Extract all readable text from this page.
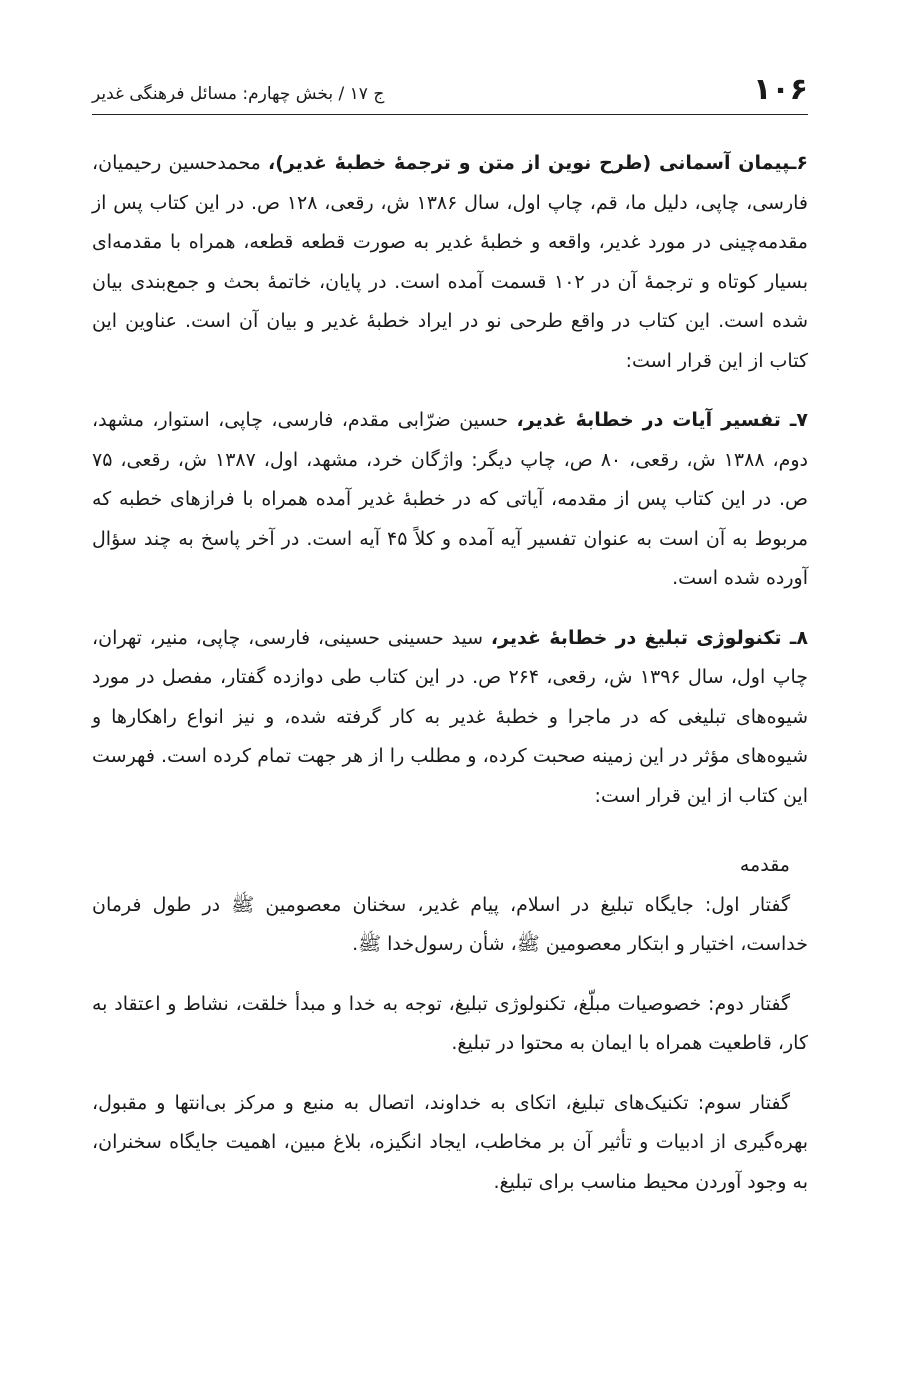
۱۰۶
ج ۱۷ / بخش چهارم: مسائل فرهنگی غدیر

۶ـپیمان آسمانی (طرح نوین از متن و ترجمهٔ خطبهٔ غدیر)، محمدحسین رحیمیان، فارسی، چاپی، دلیل ما، قم، چاپ اول، سال ۱۳۸۶ ش، رقعی، ۱۲۸ ص. در این کتاب پس از مقدمه‌چینی در مورد غدیر، واقعه و خطبهٔ غدیر به صورت قطعه قطعه، همراه با مقدمه‌ای بسیار کوتاه و ترجمهٔ آن در ۱۰۲ قسمت آمده است. در پایان، خاتمهٔ بحث و جمع‌بندی بیان شده است. این کتاب در واقع طرحی نو در ایراد خطبهٔ غدیر و بیان آن است. عناوین این کتاب از این قرار است:

۷ـ تفسیر آیات در خطابهٔ غدیر، حسین ضرّابی مقدم، فارسی، چاپی، استوار، مشهد، دوم، ۱۳۸۸ ش، رقعی، ۸۰ ص، چاپ دیگر: واژگان خرد، مشهد، اول، ۱۳۸۷ ش، رقعی، ۷۵ ص. در این کتاب پس از مقدمه، آیاتی که در خطبهٔ غدیر آمده همراه با فرازهای خطبه که مربوط به آن است به عنوان تفسیر آیه آمده و کلاً ۴۵ آیه است. در آخر پاسخ به چند سؤال آورده شده است.

۸ـ تکنولوژی تبلیغ در خطابهٔ غدیر، سید حسینی حسینی، فارسی، چاپی، منیر، تهران، چاپ اول، سال ۱۳۹۶ ش، رقعی، ۲۶۴ ص. در این کتاب طی دوازده گفتار، مفصل در مورد شیوه‌های تبلیغی که در ماجرا و خطبهٔ غدیر به کار گرفته شده، و نیز انواع راهکارها و شیوه‌های مؤثر در این زمینه صحبت کرده، و مطلب را از هر جهت تمام کرده است. فهرست این کتاب از این قرار است:

مقدمه

گفتار اول: جایگاه تبلیغ در اسلام، پیام غدیر، سخنان معصومین ﷺ در طول فرمان خداست، اختیار و ابتکار معصومین ﷺ، شأن رسول‌خدا ﷺ.

گفتار دوم: خصوصیات مبلّغ، تکنولوژی تبلیغ، توجه به خدا و مبدأ خلقت، نشاط و اعتقاد به کار، قاطعیت همراه با ایمان به محتوا در تبلیغ.

گفتار سوم: تکنیک‌های تبلیغ، اتکای به خداوند، اتصال به منبع و مرکز بی‌انتها و مقبول، بهره‌گیری از ادبیات و تأثیر آن بر مخاطب، ایجاد انگیزه، بلاغ مبین، اهمیت جایگاه سخنران، به وجود آوردن محیط مناسب برای تبلیغ.
